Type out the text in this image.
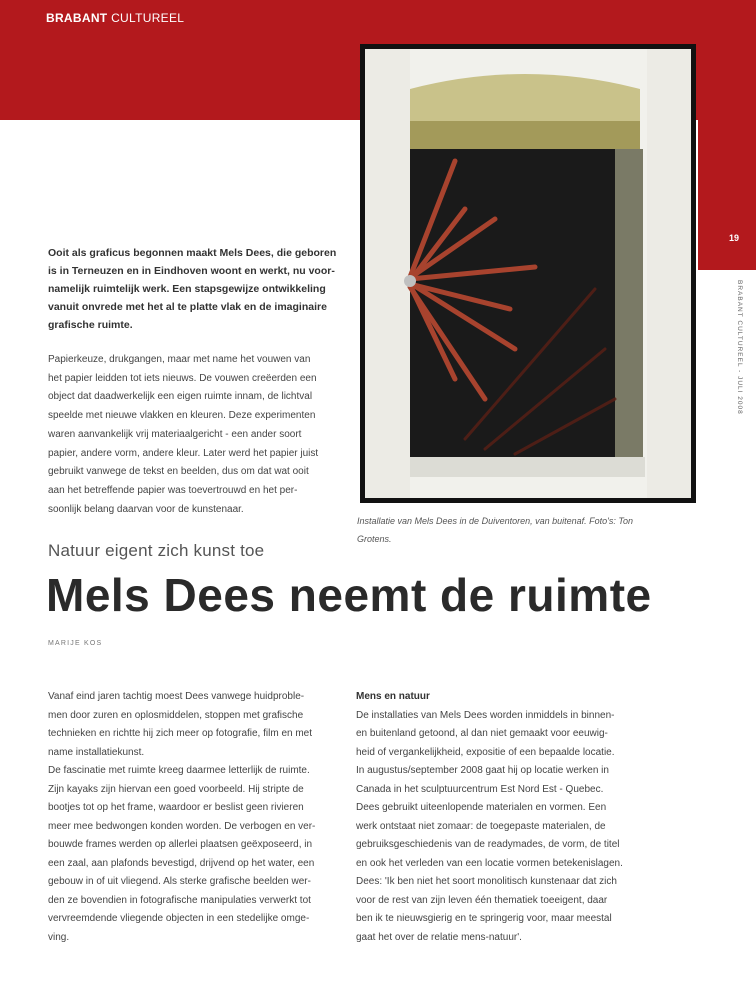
BRABANT CULTUREEL
19
BRABANT CULTUREEL - JULI 2008
Installatie van Mels Dees in de Duiventoren, van buitenaf. Foto's: Ton
Grotens.

Ooit als graficus begonnen maakt Mels Dees, die geboren
is in Terneuzen en in Eindhoven woont en werkt, nu voor-
namelijk ruimtelijk werk. Een stapsgewijze ontwikkeling
vanuit onvrede met het al te platte vlak en de imaginaire
grafische ruimte.

Papierkeuze, drukgangen, maar met name het vouwen van
het papier leidden tot iets nieuws. De vouwen creëerden een
object dat daadwerkelijk een eigen ruimte innam, de lichtval
speelde met nieuwe vlakken en kleuren. Deze experimenten
waren aanvankelijk vrij materiaalgericht - een ander soort
papier, andere vorm, andere kleur. Later werd het papier juist
gebruikt vanwege de tekst en beelden, dus om dat wat ooit
aan het betreffende papier was toevertrouwd en het per-
soonlijk belang daarvan voor de kunstenaar.

Natuur eigent zich kunst toe
Mels Dees neemt de ruimte
MARIJE KOS

Vanaf eind jaren tachtig moest Dees vanwege huidproble-
men door zuren en oplosmiddelen, stoppen met grafische
technieken en richtte hij zich meer op fotografie, film en met
name installatiekunst.
De fascinatie met ruimte kreeg daarmee letterlijk de ruimte.
Zijn kayaks zijn hiervan een goed voorbeeld. Hij stripte de
bootjes tot op het frame, waardoor er beslist geen rivieren
meer mee bedwongen konden worden. De verbogen en ver-
bouwde frames werden op allerlei plaatsen geëxposeerd, in
een zaal, aan plafonds bevestigd, drijvend op het water, een
gebouw in of uit vliegend. Als sterke grafische beelden wer-
den ze bovendien in fotografische manipulaties verwerkt tot
vervreemdende vliegende objecten in een stedelijke omge-
ving.

Mens en natuur
De installaties van Mels Dees worden inmiddels in binnen-
en buitenland getoond, al dan niet gemaakt voor eeuwig-
heid of vergankelijkheid, expositie of een bepaalde locatie.
In augustus/september 2008 gaat hij op locatie werken in
Canada in het sculptuurcentrum Est Nord Est - Quebec.
Dees gebruikt uiteenlopende materialen en vormen. Een
werk ontstaat niet zomaar: de toegepaste materialen, de
gebruiksgeschiedenis van de readymades, de vorm, de titel
en ook het verleden van een locatie vormen betekenislagen.
Dees: 'Ik ben niet het soort monolitisch kunstenaar dat zich
voor de rest van zijn leven één thematiek toeeigent, daar
ben ik te nieuwsgierig en te springerig voor, maar meestal
gaat het over de relatie mens-natuur'.
